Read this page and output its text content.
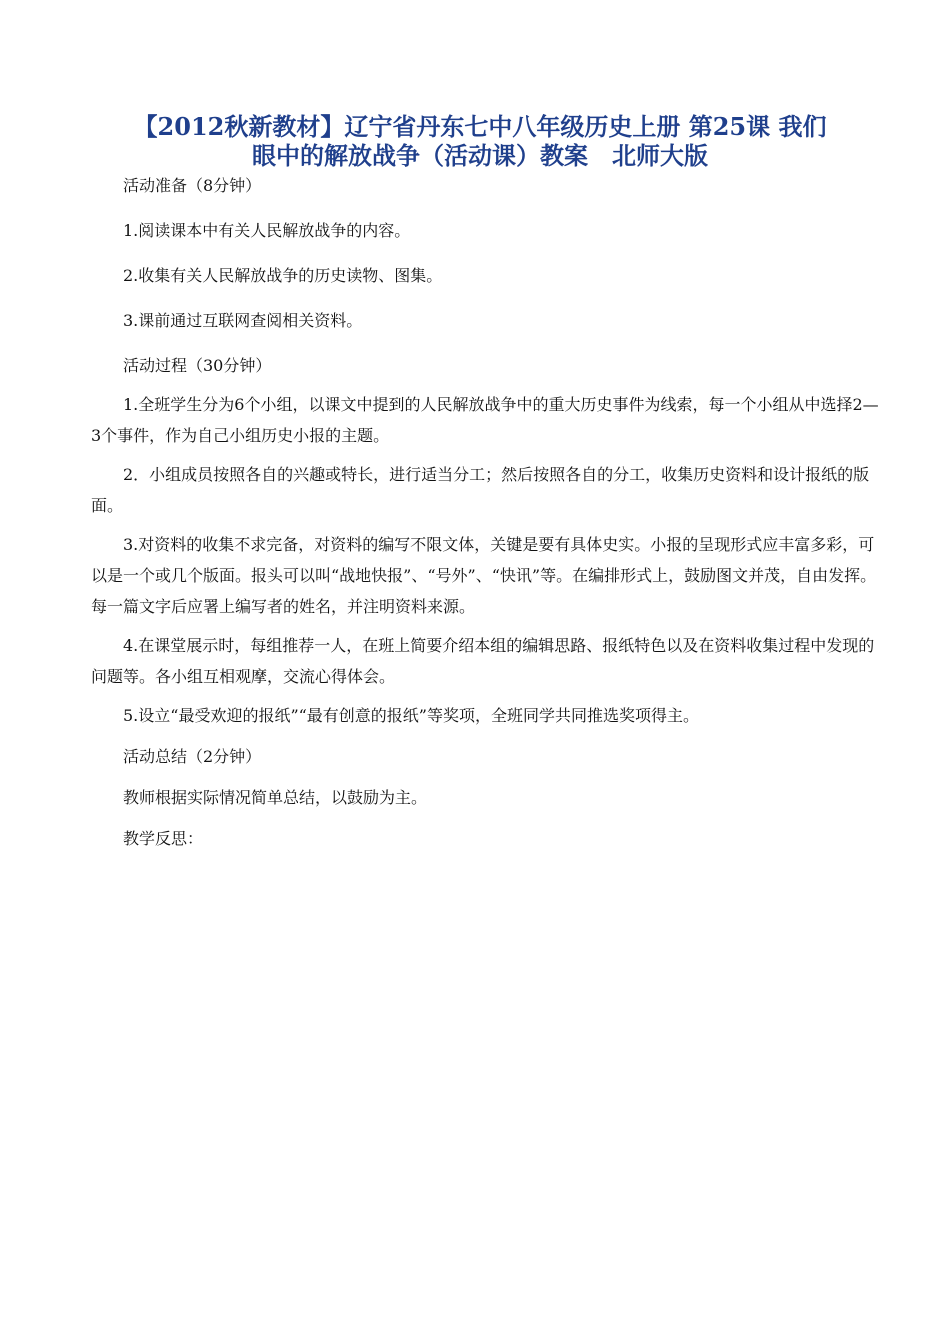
【2012秋新教材】辽宁省丹东七中八年级历史上册 第25课 我们
眼中的解放战争（活动课）教案　北师大版

活动准备（8分钟）

1.阅读课本中有关人民解放战争的内容。

2.收集有关人民解放战争的历史读物、图集。

3.课前通过互联网查阅相关资料。

活动过程（30分钟）

1.全班学生分为6个小组，以课文中提到的人民解放战争中的重大历史事件为线索，每一个小组从中选择2—3个事件，作为自己小组历史小报的主题。

2．小组成员按照各自的兴趣或特长，进行适当分工；然后按照各自的分工，收集历史资料和设计报纸的版面。

3.对资料的收集不求完备，对资料的编写不限文体，关键是要有具体史实。小报的呈现形式应丰富多彩，可以是一个或几个版面。报头可以叫“战地快报”、“号外”、“快讯”等。在编排形式上，鼓励图文并茂，自由发挥。每一篇文字后应署上编写者的姓名，并注明资料来源。

4.在课堂展示时，每组推荐一人，在班上简要介绍本组的编辑思路、报纸特色以及在资料收集过程中发现的问题等。各小组互相观摩，交流心得体会。

5.设立“最受欢迎的报纸”“最有创意的报纸”等奖项，全班同学共同推选奖项得主。

活动总结（2分钟）

教师根据实际情况简单总结，以鼓励为主。

教学反思：
